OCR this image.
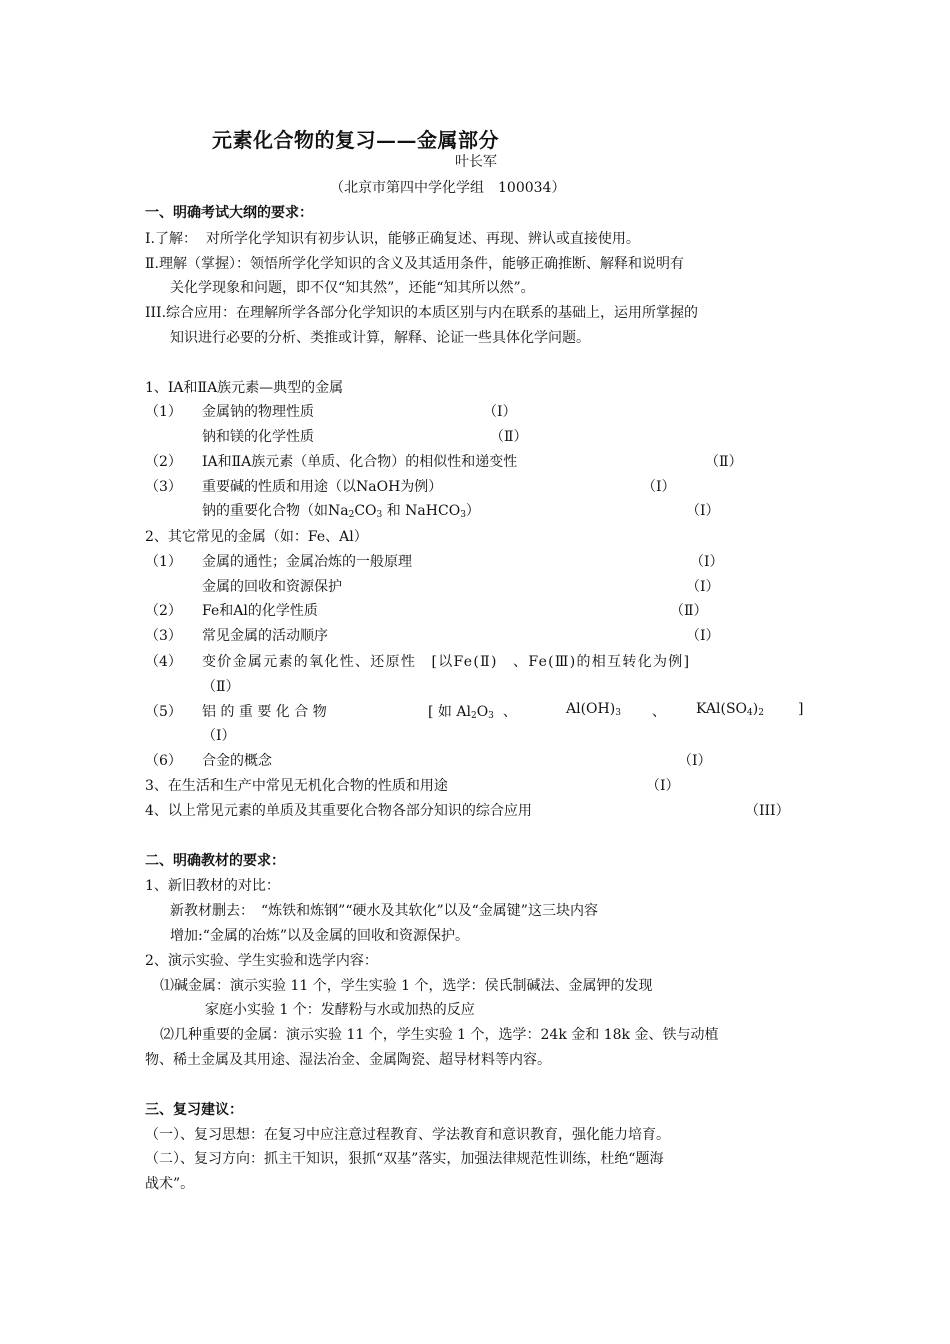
元素化合物的复习——金属部分
叶长军
（北京市第四中学化学组　100034）
一、明确考试大纲的要求：
Ⅰ.了解： 对所学化学知识有初步认识，能够正确复述、再现、辨认或直接使用。
Ⅱ.理解（掌握）：领悟所学化学知识的含义及其适用条件，能够正确推断、解释和说明有
关化学现象和问题，即不仅“知其然”，还能“知其所以然”。
III.综合应用：在理解所学各部分化学知识的本质区别与内在联系的基础上，运用所掌握的
知识进行必要的分析、类推或计算，解释、论证一些具体化学问题。
1、ⅠA和ⅡA族元素—典型的金属
（1） 金属钠的物理性质	（Ⅰ）
钠和镁的化学性质	（Ⅱ）
（2） ⅠA和ⅡA族元素（单质、化合物）的相似性和递变性	（Ⅱ）
（3） 重要碱的性质和用途（以NaOH为例）	（Ⅰ）
钠的重要化合物（如$Na_2CO_3$ 和 NaHCO$_3$）	（Ⅰ）
2、其它常见的金属（如：Fe、Al）
（1） 金属的通性；金属冶炼的一般原理	（Ⅰ）
金属的回收和资源保护	（Ⅰ）
（2） Fe和Al的化学性质	（Ⅱ）
（3） 常见金属的活动顺序	（Ⅰ）
（4） 变价金属元素的氧化性、还原性　[以Fe(Ⅱ)　、Fe(Ⅲ)的相互转化为例]
（Ⅱ）
（5） 铝 的 重 要 化 合 物	[ 如 $Al_2O_3$ 、	$Al(OH)_3$ 、 $KAl(SO_4)_2$ ]
（Ⅰ）
（6） 合金的概念	（Ⅰ）
3、在生活和生产中常见无机化合物的性质和用途	（Ⅰ）
4、以上常见元素的单质及其重要化合物各部分知识的综合应用	（III）
二、明确教材的要求：
1、新旧教材的对比：
新教材删去：　“炼铁和炼钢”“硬水及其软化”以及“金属键”这三块内容
增加:“金属的冶炼”以及金属的回收和资源保护。
2、演示实验、学生实验和选学内容：
⑴碱金属：演示实验 11 个，学生实验 1 个，选学：侯氏制碱法、金属钾的发现
家庭小实验 1 个：发酵粉与水或加热的反应
⑵几种重要的金属：演示实验 11 个，学生实验 1 个，选学：24k 金和 18k 金、铁与动植
物、稀土金属及其用途、湿法冶金、金属陶瓷、超导材料等内容。
三、复习建议：
（一）、复习思想：在复习中应注意过程教育、学法教育和意识教育，强化能力培育。
（二）、复习方向：抓主干知识，狠抓“双基”落实，加强法律规范性训练，杜绝“题海
战术”。
